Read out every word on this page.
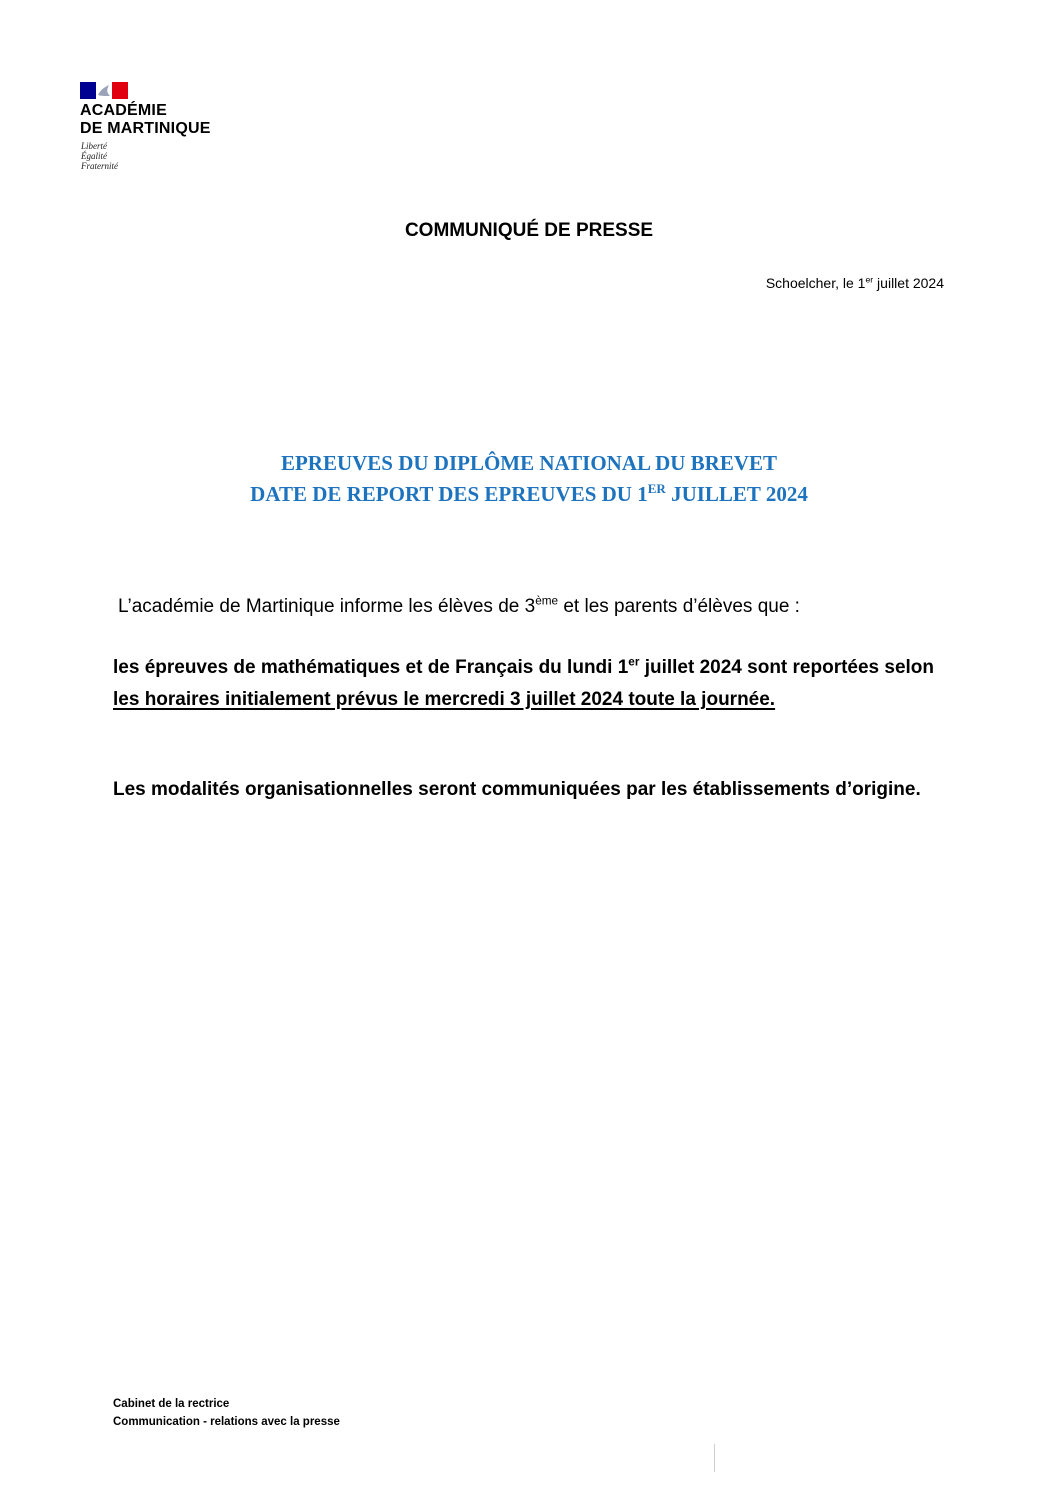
ACADÉMIE
DE MARTINIQUE
Liberté
Égalité
Fraternité
COMMUNIQUÉ DE PRESSE
Schoelcher, le 1er juillet 2024
EPREUVES DU DIPLÔME NATIONAL DU BREVET
DATE DE REPORT DES EPREUVES DU 1ER JUILLET 2024
L’académie de Martinique informe les élèves de 3ème et les parents d’élèves que :
les épreuves de mathématiques et de Français du lundi 1er juillet 2024 sont reportées selon les horaires initialement prévus le mercredi 3 juillet 2024 toute la journée.
Les modalités organisationnelles seront communiquées par les établissements d’origine.
Cabinet de la rectrice
Communication - relations avec la presse
